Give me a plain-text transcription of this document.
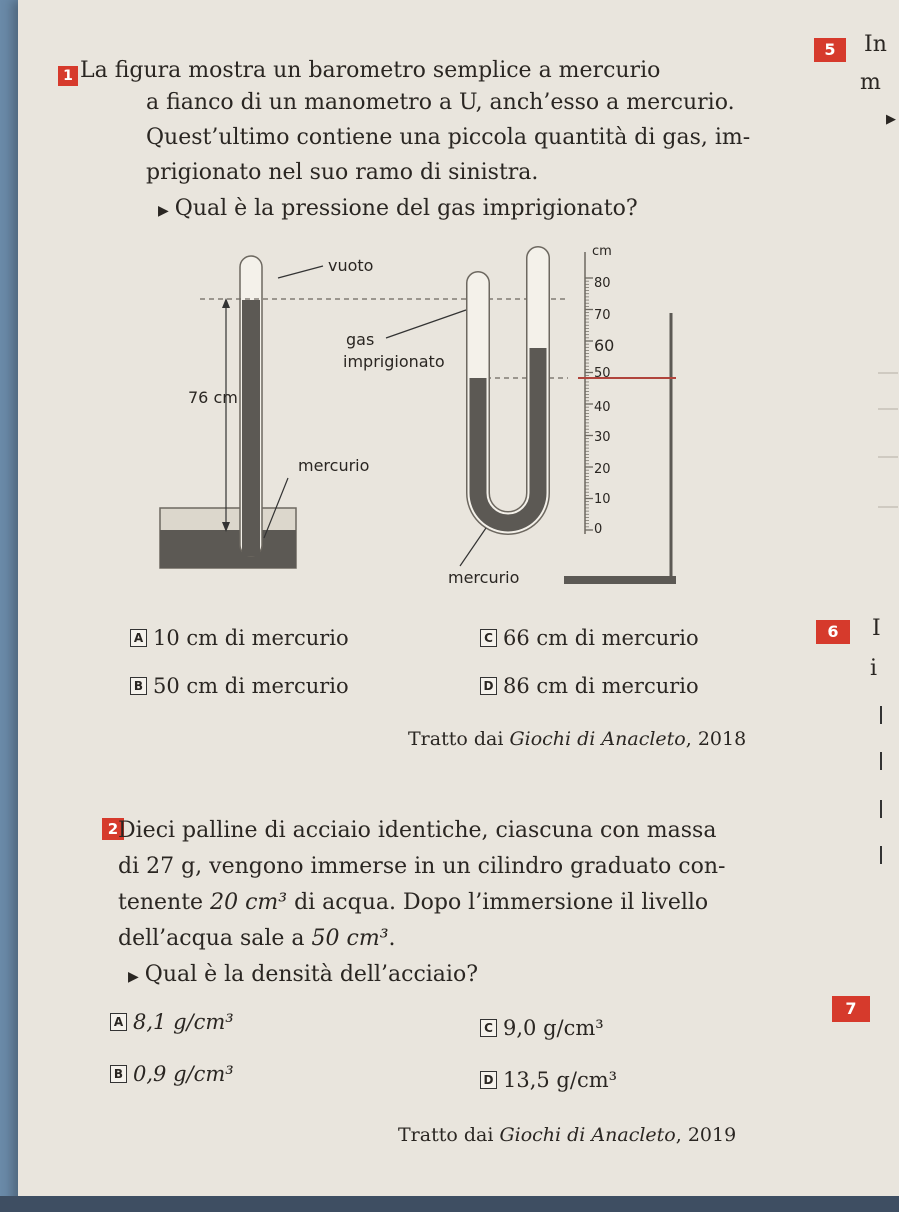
1 La figura mostra un barometro semplice a mercurio
a fianco di un manometro a U, anch’esso a mercurio.
Quest’ultimo contiene una piccola quantità di gas, im-
prigionato nel suo ramo di sinistra.
▶ Qual è la pressione del gas imprigionato?
vuoto
gas
imprigionato
76 cm
mercurio
mercurio
cm
80
70
60
50
40
30
20
10
0
A 10 cm di mercurio	C 66 cm di mercurio
B 50 cm di mercurio	D 86 cm di mercurio
Tratto dai Giochi di Anacleto, 2018
2 Dieci palline di acciaio identiche, ciascuna con massa
di 27 g, vengono immerse in un cilindro graduato con-
tenente 20 cm³ di acqua. Dopo l’immersione il livello
dell’acqua sale a 50 cm³.
▶ Qual è la densità dell’acciaio?
A 8,1 g/cm³	C 9,0 g/cm³
B 0,9 g/cm³	D 13,5 g/cm³
Tratto dai Giochi di Anacleto, 2019
5	In
m
▶
6	I
i
7
